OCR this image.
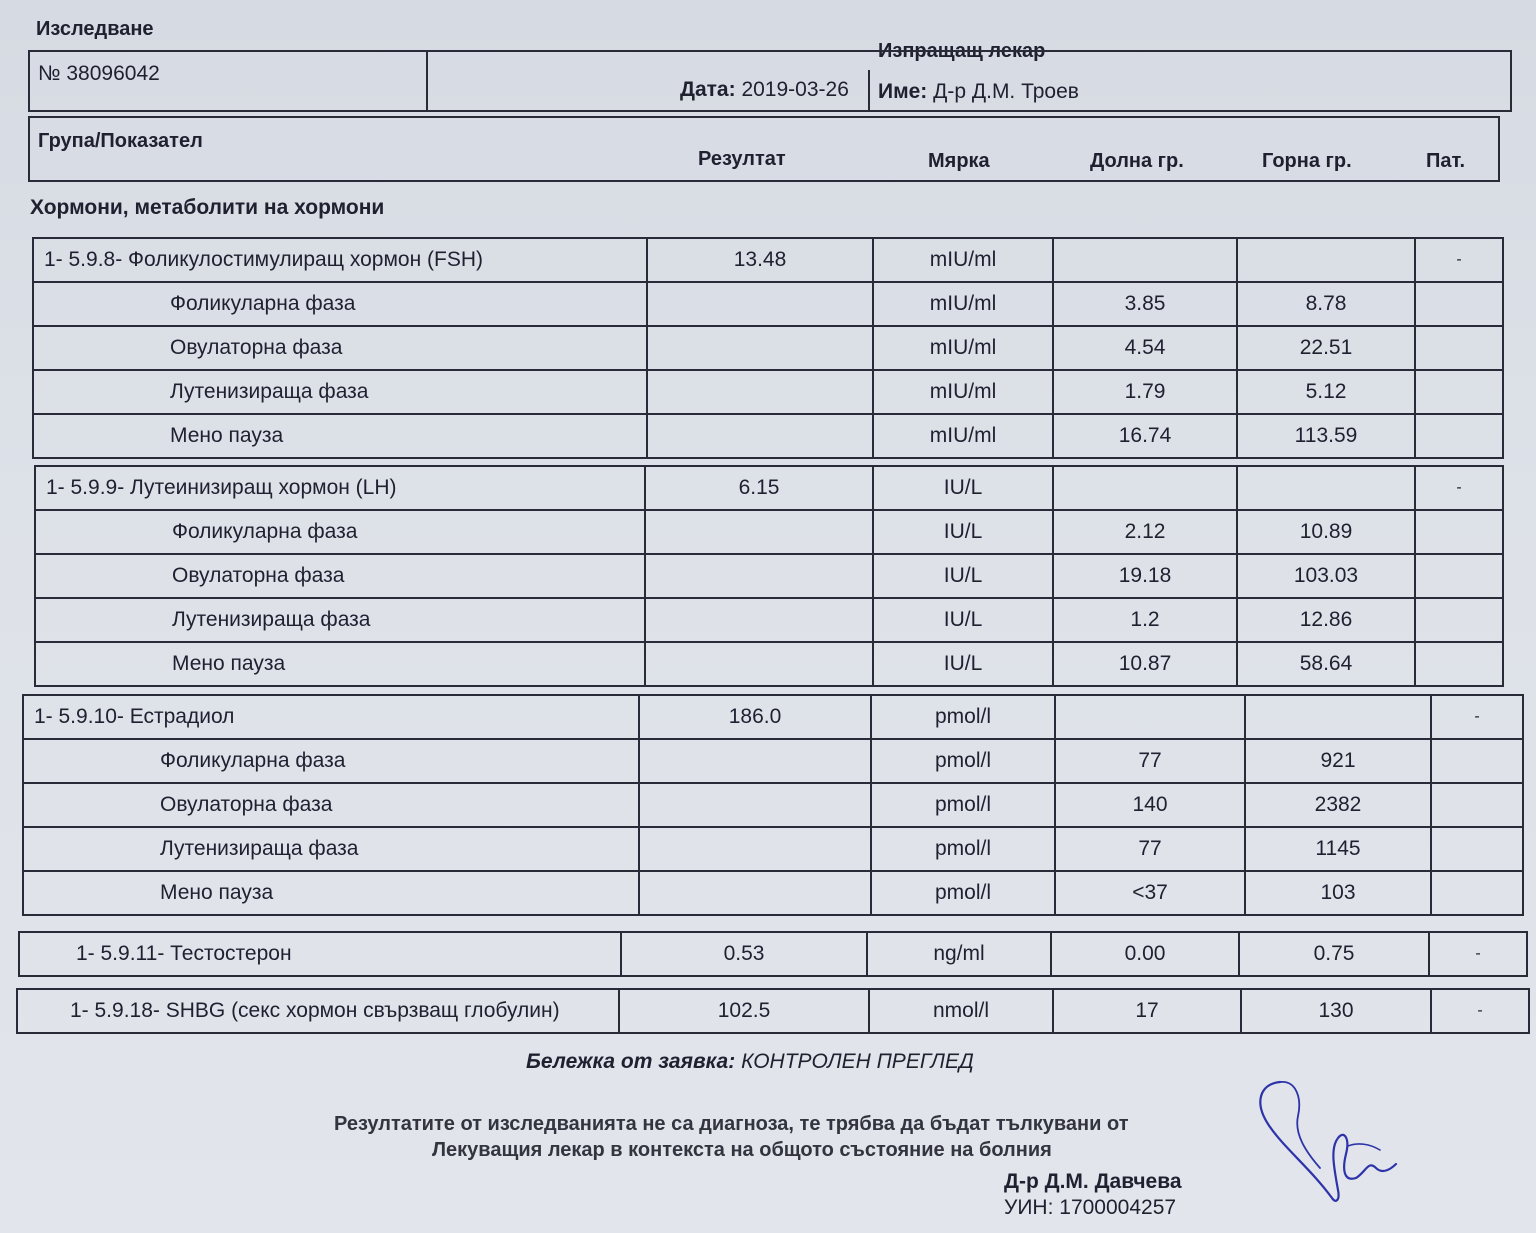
Изследване
Изпращащ лекар
№ 38096042
Дата: 2019-03-26 Име: Д-р Д.М. Троев
Група/Показател
Резултат	Мярка	Долна гр.	Горна гр.	Пат.
Хормони, метаболити на хормони
1- 5.9.8- Фоликулостимулиращ хормон (FSH)	13.48	mIU/ml			-
Фоликуларна фаза		mIU/ml	3.85	8.78	
Овулаторна фаза		mIU/ml	4.54	22.51	
Лутенизираща фаза		mIU/ml	1.79	5.12	
Мено пауза		mIU/ml	16.74	113.59	
1- 5.9.9- Лутеинизиращ хормон (LH)	6.15	IU/L			-
Фоликуларна фаза		IU/L	2.12	10.89	
Овулаторна фаза		IU/L	19.18	103.03	
Лутенизираща фаза		IU/L	1.2	12.86	
Мено пауза		IU/L	10.87	58.64	
1- 5.9.10- Естрадиол	186.0	pmol/l			-
Фоликуларна фаза		pmol/l	77	921	
Овулаторна фаза		pmol/l	140	2382	
Лутенизираща фаза		pmol/l	77	1145	
Мено пауза		pmol/l	<37	103	
1- 5.9.11- Тестостерон	0.53	ng/ml	0.00	0.75	-
1- 5.9.18- SHBG (секс хормон свързващ глобулин)	102.5	nmol/l	17	130	-
Бележка от заявка: КОНТРОЛЕН ПРЕГЛЕД
Резултатите от изследванията не са диагноза, те трябва да бъдат тълкувани от
Лекуващия лекар в контекста на общото състояние на болния
Д-р Д.М. Давчева
УИН: 1700004257
